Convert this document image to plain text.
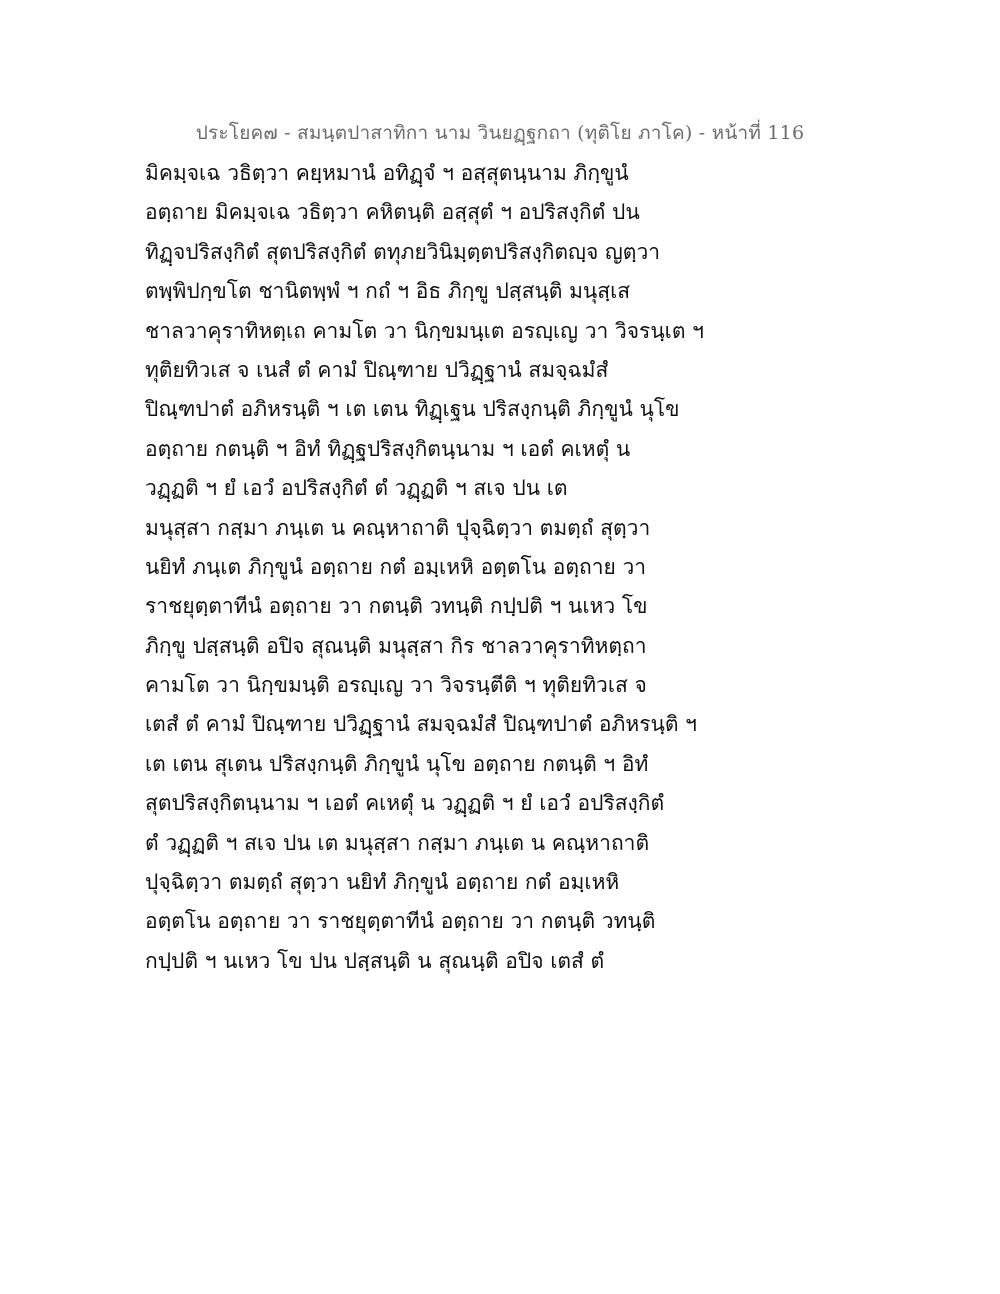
ประโยค๗ - สมนฺตปาสาทิกา นาม วินยฏฺฐกถา (ทุติโย ภาโค) - หน้าที่ 116
มิคมฺจเฉ วธิตฺวา คยฺหมานํ อทิฏฺจํ ฯ อสฺสุตนฺนาม ภิกฺขูนํ
อตฺถาย มิคมฺจเฉ วธิตฺวา คหิตนฺติ อสฺสุตํ ฯ อปริสงฺกิตํ ปน
ทิฏฺจปริสงฺกิตํ สุตปริสงฺกิตํ ตทุภยวินิมฺตฺตปริสงฺกิตญฺจ ญตฺวา
ตพฺพิปกฺขโต ชานิตพฺพํ ฯ กถํ ฯ อิธ ภิกฺขู ปสฺสนฺติ มนุสฺเส
ชาลวาคุราทิหตฺเถ คามโต วา นิกฺขมนฺเต อรญฺเญ วา วิจรนฺเต ฯ
ทุติยทิวเส จ เนสํ ตํ คามํ ปิณฺฑาย ปวิฏฺฐานํ สมจฺฉมํสํ
ปิณฺฑปาตํ อภิหรนฺติ ฯ เต เตน ทิฏฺเฐน ปริสงฺกนฺติ ภิกฺขูนํ นุโข
อตฺถาย กตนฺติ ฯ อิทํ ทิฏฺฐปริสงฺกิตนฺนาม ฯ เอตํ คเหตุํ น
วฏฺฏติ ฯ ยํ เอวํ อปริสงฺกิตํ ตํ วฏฺฏติ ฯ สเจ ปน เต
มนุสฺสา กสฺมา ภนฺเต น คณฺหาถาติ ปุจฺฉิตฺวา ตมตฺถํ สุตฺวา
นยิทํ ภนฺเต ภิกฺขูนํ อตฺถาย กตํ อมฺเหหิ อตฺตโน อตฺถาย วา
ราชยุตฺตาทีนํ อตฺถาย วา กตนฺติ วทนฺติ กปฺปติ ฯ นเหว โข
ภิกฺขู ปสฺสนฺติ อปิจ สุณนฺติ มนุสฺสา กิร ชาลวาคุราทิหตฺถา
คามโต วา นิกฺขมนฺติ อรญฺเญ วา วิจรนฺตีติ ฯ ทุติยทิวเส จ
เตสํ ตํ คามํ ปิณฺฑาย ปวิฏฺฐานํ สมจฺฉมํสํ ปิณฺฑปาตํ อภิหรนฺติ ฯ
เต เตน สุเตน ปริสงฺกนฺติ ภิกฺขูนํ นุโข อตฺถาย กตนฺติ ฯ อิทํ
สุตปริสงฺกิตนฺนาม ฯ เอตํ คเหตุํ น วฏฺฏติ ฯ ยํ เอวํ อปริสงฺกิตํ
ตํ วฏฺฏติ ฯ สเจ ปน เต มนุสฺสา กสฺมา ภนฺเต น คณฺหาถาติ
ปุจฺฉิตฺวา ตมตฺถํ สุตฺวา นยิทํ ภิกฺขูนํ อตฺถาย กตํ อมฺเหหิ
อตฺตโน อตฺถาย วา ราชยุตฺตาทีนํ อตฺถาย วา กตนฺติ วทนฺติ
กปฺปติ ฯ นเหว โข ปน ปสฺสนฺติ น สุณนฺติ อปิจ เตสํ ตํ
